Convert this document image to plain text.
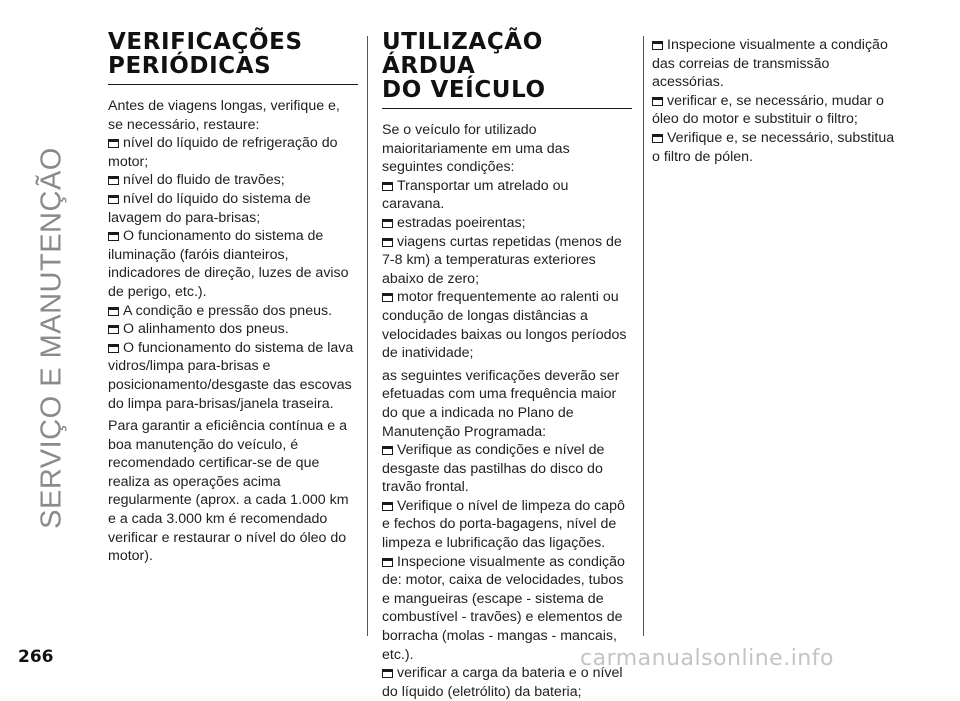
SERVIÇO E MANUTENÇÃO
VERIFICAÇÕES
PERIÓDICAS

Antes de viagens longas, verifique e, se necessário, restaure:

nível do líquido de refrigeração do motor;

nível do fluido de travões;

nível do líquido do sistema de lavagem do para-brisas;

O funcionamento do sistema de iluminação (faróis dianteiros, indicadores de direção, luzes de aviso de perigo, etc.).

A condição e pressão dos pneus.

O alinhamento dos pneus.

O funcionamento do sistema de lava vidros/limpa para-brisas e posicionamento/desgaste das escovas do limpa para-brisas/janela traseira.

Para garantir a eficiência contínua e a boa manutenção do veículo, é recomendado certificar-se de que realiza as operações acima regularmente (aprox. a cada 1.000 km e a cada 3.000 km é recomendado verificar e restaurar o nível do óleo do motor).

UTILIZAÇÃO ÁRDUA
DO VEÍCULO

Se o veículo for utilizado maioritariamente em uma das seguintes condições:

Transportar um atrelado ou caravana.

estradas poeirentas;

viagens curtas repetidas (menos de 7-8 km) a temperaturas exteriores abaixo de zero;

motor frequentemente ao ralenti ou condução de longas distâncias a velocidades baixas ou longos períodos de inatividade;

as seguintes verificações deverão ser efetuadas com uma frequência maior do que a indicada no Plano de Manutenção Programada:

Verifique as condições e nível de desgaste das pastilhas do disco do travão frontal.

Verifique o nível de limpeza do capô e fechos do porta-bagagens, nível de limpeza e lubrificação das ligações.

Inspecione visualmente as condição de: motor, caixa de velocidades, tubos e mangueiras (escape - sistema de combustível - travões) e elementos de borracha (molas - mangas - mancais, etc.).

verificar a carga da bateria e o nível do líquido (eletrólito) da bateria;

Inspecione visualmente a condição das correias de transmissão acessórias.

verificar e, se necessário, mudar o óleo do motor e substituir o filtro;

Verifique e, se necessário, substitua o filtro de pólen.

266	carmanualsonline.info
